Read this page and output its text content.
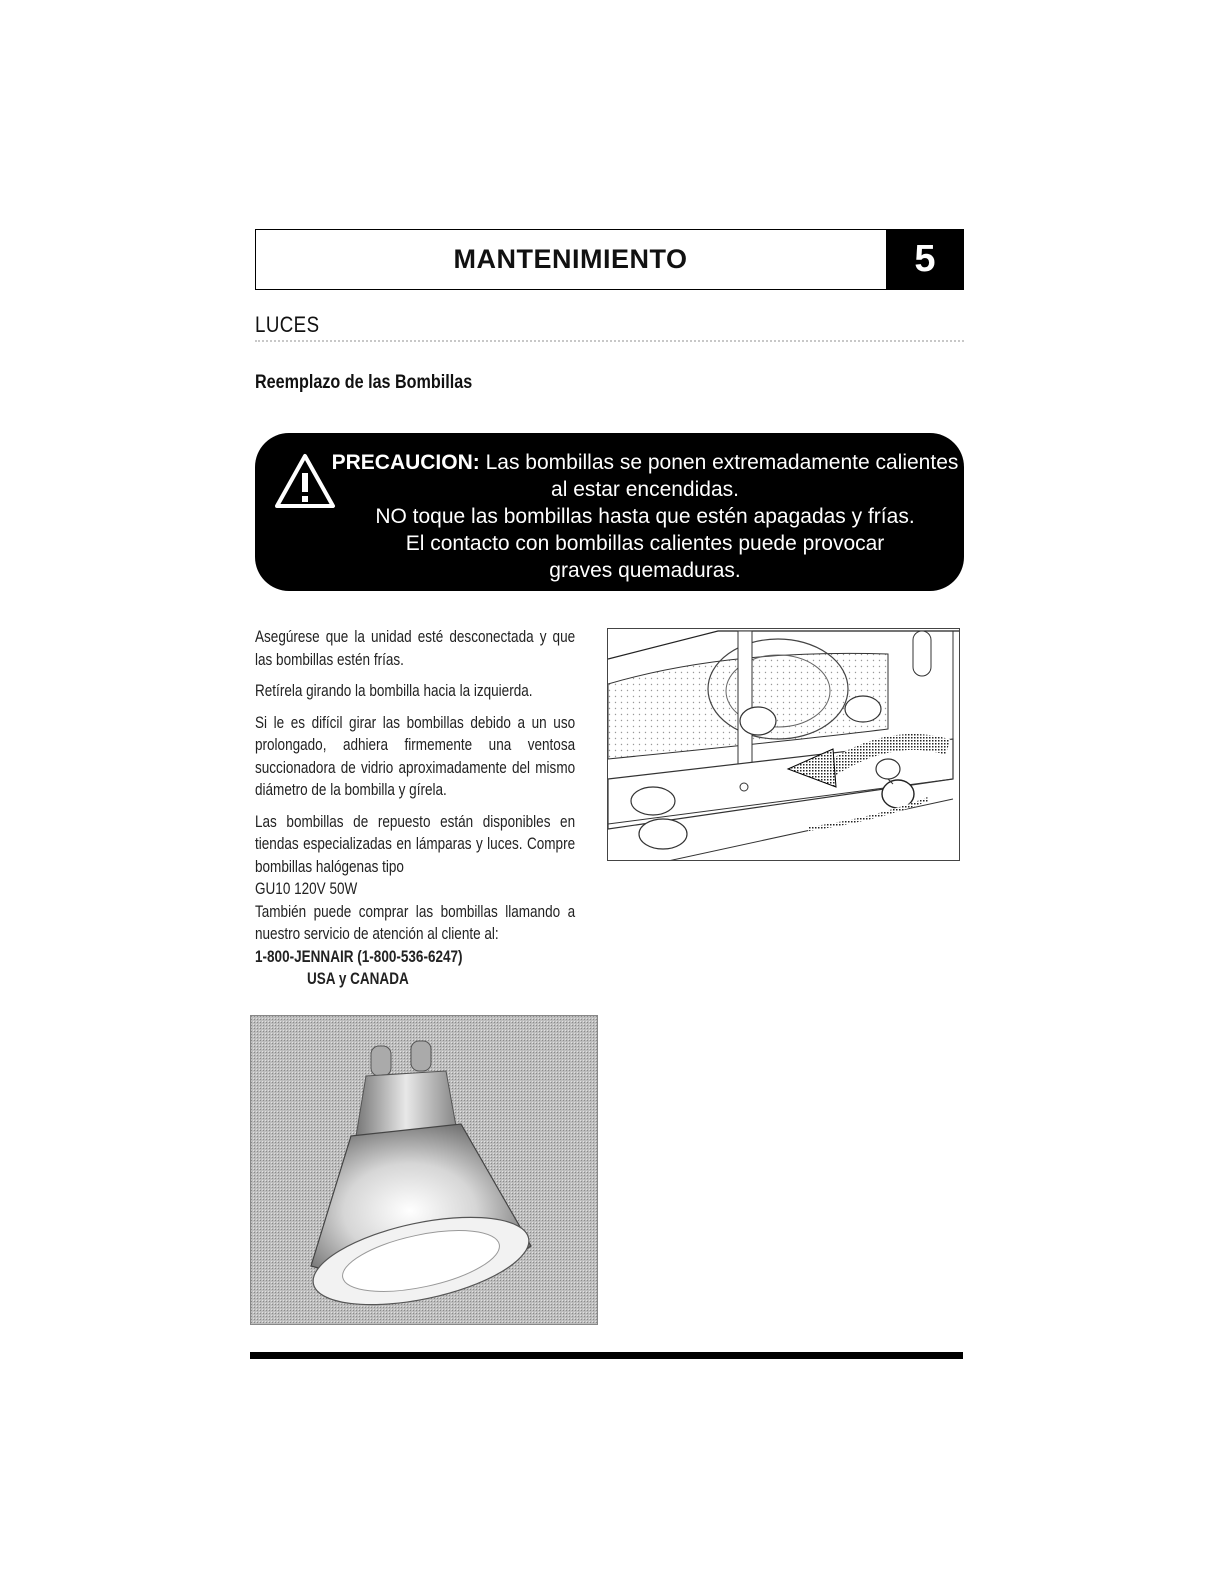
MANTENIMIENTO	5
LUCES
Reemplazo de las Bombillas
PRECAUCION: Las bombillas se ponen extremadamente calientes
al estar encendidas.
NO toque las bombillas hasta que estén apagadas y frías.
El contacto con bombillas calientes puede provocar
graves quemaduras.

Asegúrese que la unidad esté desconectada y que las bombillas estén frías.

Retírela girando la bombilla hacia la izquierda.

Si le es difícil girar las bombillas debido a un uso prolongado, adhiera firmemente una ventosa succionadora de vidrio aproximadamente del mismo diámetro de la bombilla y gírela.

Las bombillas de repuesto están disponibles en tiendas especializadas en lámparas y luces. Compre bombillas halógenas tipo

GU10 120V 50W

También puede comprar las bombillas llamando a nuestro servicio de atención al cliente al:

1-800-JENNAIR (1-800-536-6247)
USA y CANADA
